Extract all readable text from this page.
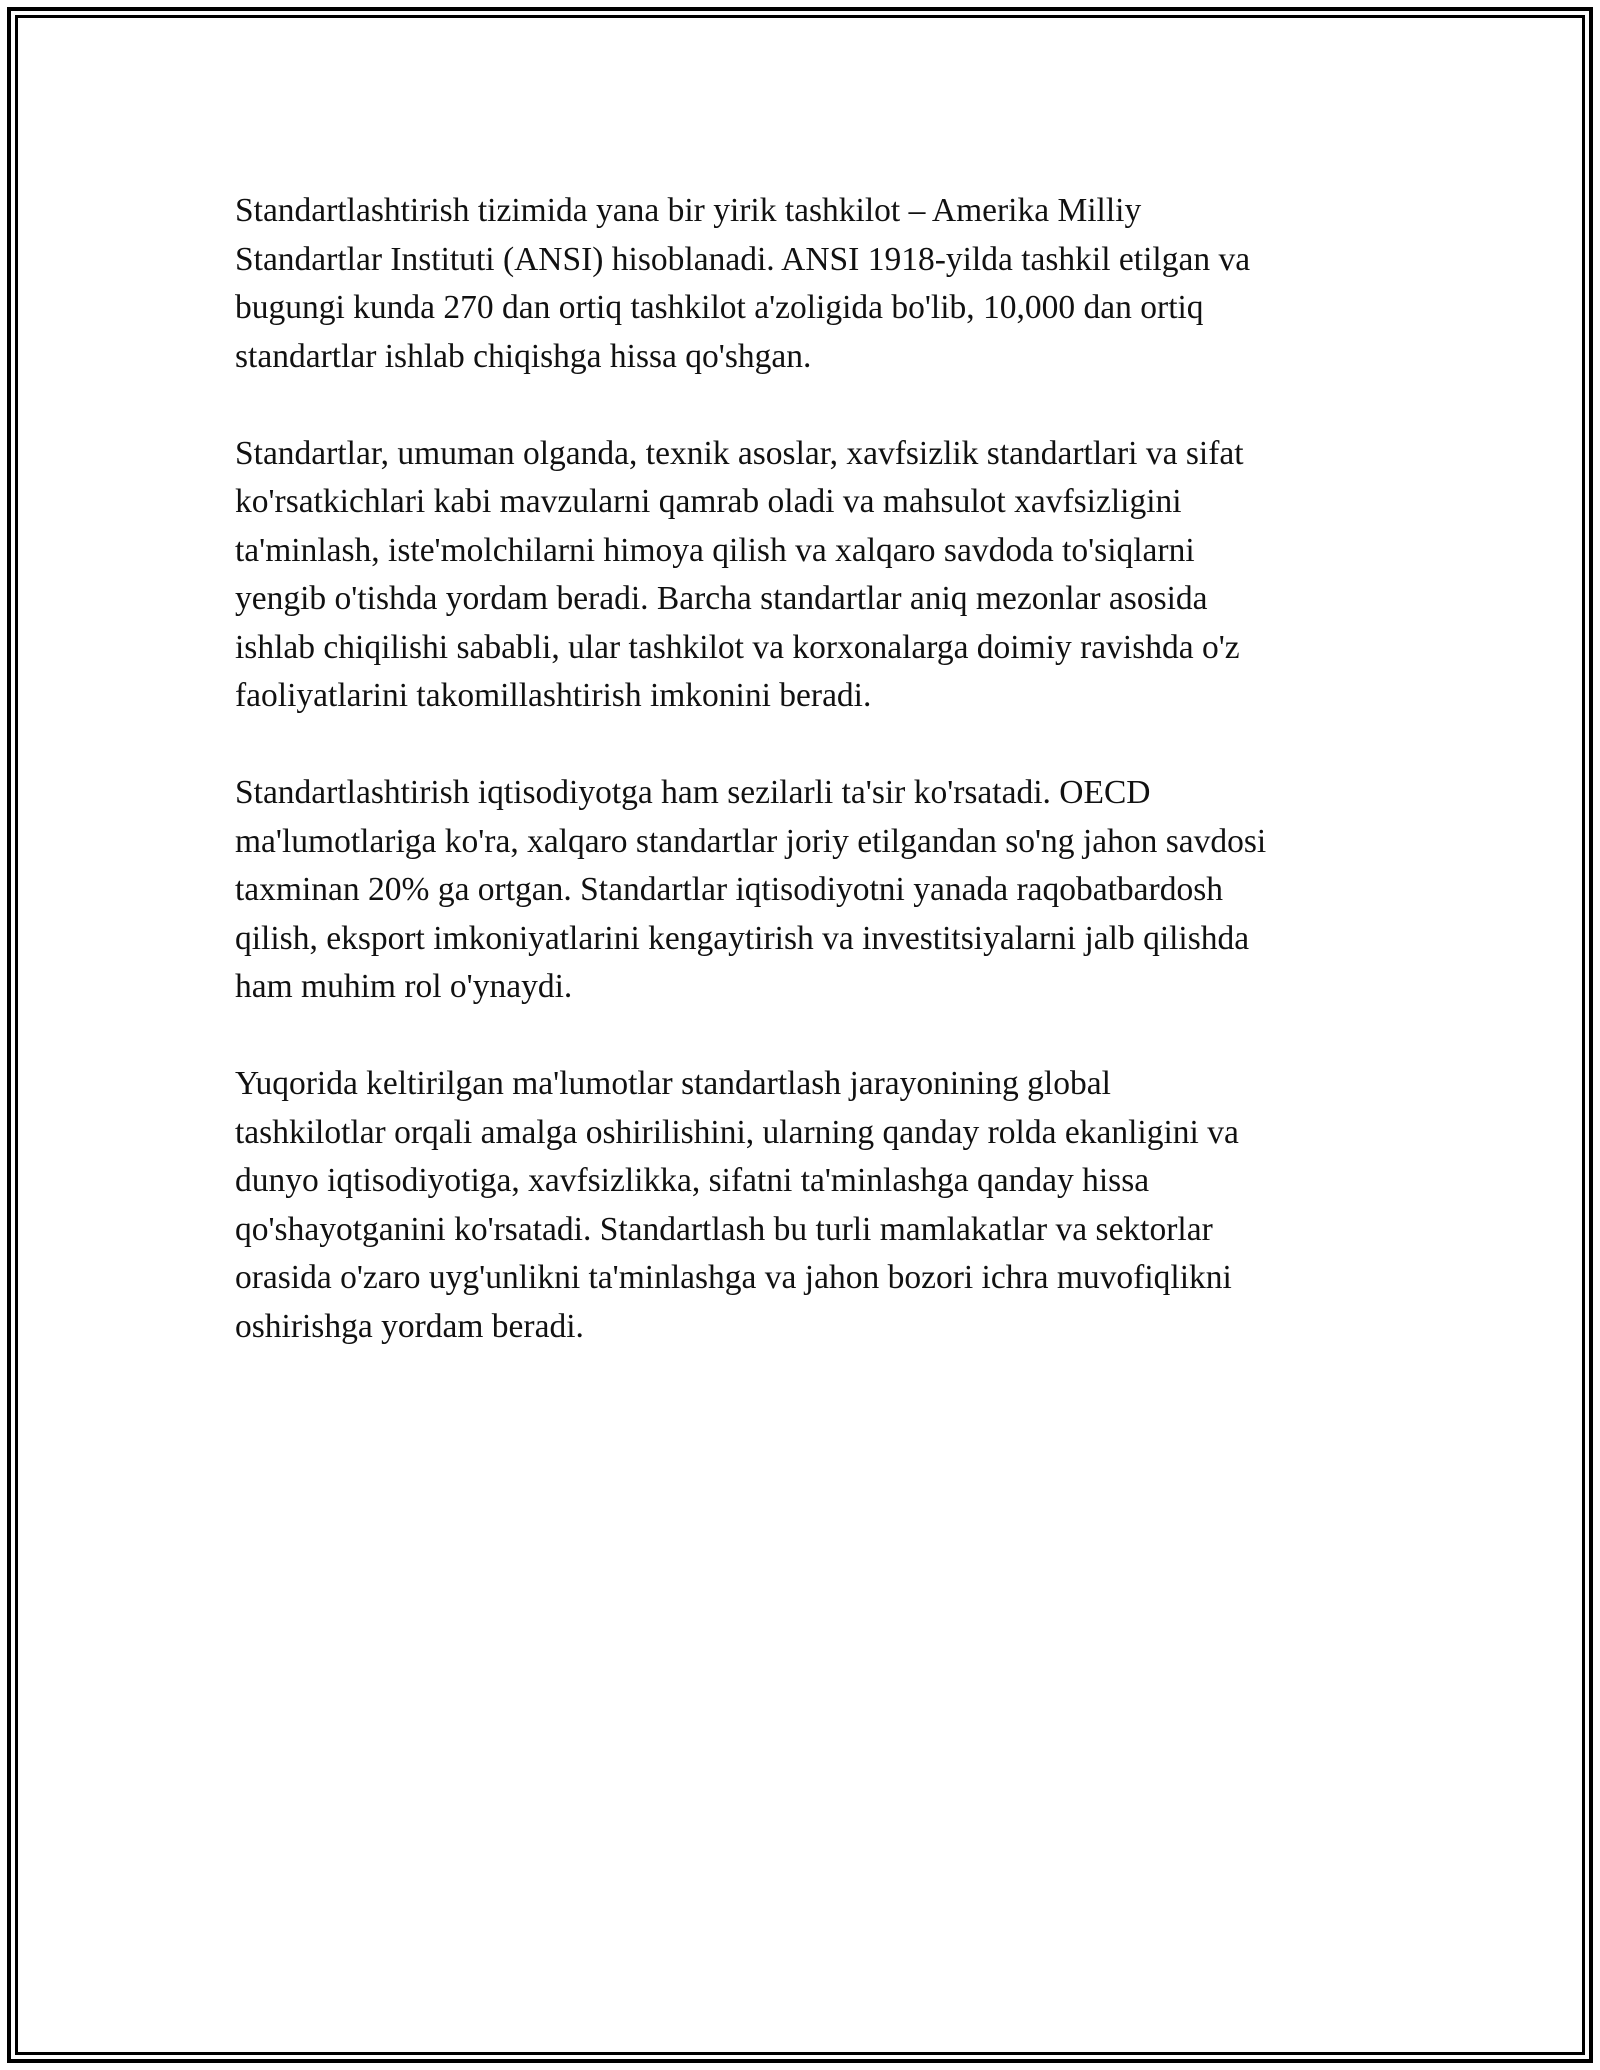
Standartlashtirish tizimida yana bir yirik tashkilot – Amerika Milliy
Standartlar Instituti (ANSI) hisoblanadi. ANSI 1918-yilda tashkil etilgan va
bugungi kunda 270 dan ortiq tashkilot a'zoligida bo'lib, 10,000 dan ortiq
standartlar ishlab chiqishga hissa qo'shgan.

Standartlar, umuman olganda, texnik asoslar, xavfsizlik standartlari va sifat
ko'rsatkichlari kabi mavzularni qamrab oladi va mahsulot xavfsizligini
ta'minlash, iste'molchilarni himoya qilish va xalqaro savdoda to'siqlarni
yengib o'tishda yordam beradi. Barcha standartlar aniq mezonlar asosida
ishlab chiqilishi sababli, ular tashkilot va korxonalarga doimiy ravishda o'z
faoliyatlarini takomillashtirish imkonini beradi.

Standartlashtirish iqtisodiyotga ham sezilarli ta'sir ko'rsatadi. OECD
ma'lumotlariga ko'ra, xalqaro standartlar joriy etilgandan so'ng jahon savdosi
taxminan 20% ga ortgan. Standartlar iqtisodiyotni yanada raqobatbardosh
qilish, eksport imkoniyatlarini kengaytirish va investitsiyalarni jalb qilishda
ham muhim rol o'ynaydi.

Yuqorida keltirilgan ma'lumotlar standartlash jarayonining global
tashkilotlar orqali amalga oshirilishini, ularning qanday rolda ekanligini va
dunyo iqtisodiyotiga, xavfsizlikka, sifatni ta'minlashga qanday hissa
qo'shayotganini ko'rsatadi. Standartlash bu turli mamlakatlar va sektorlar
orasida o'zaro uyg'unlikni ta'minlashga va jahon bozori ichra muvofiqlikni
oshirishga yordam beradi.
